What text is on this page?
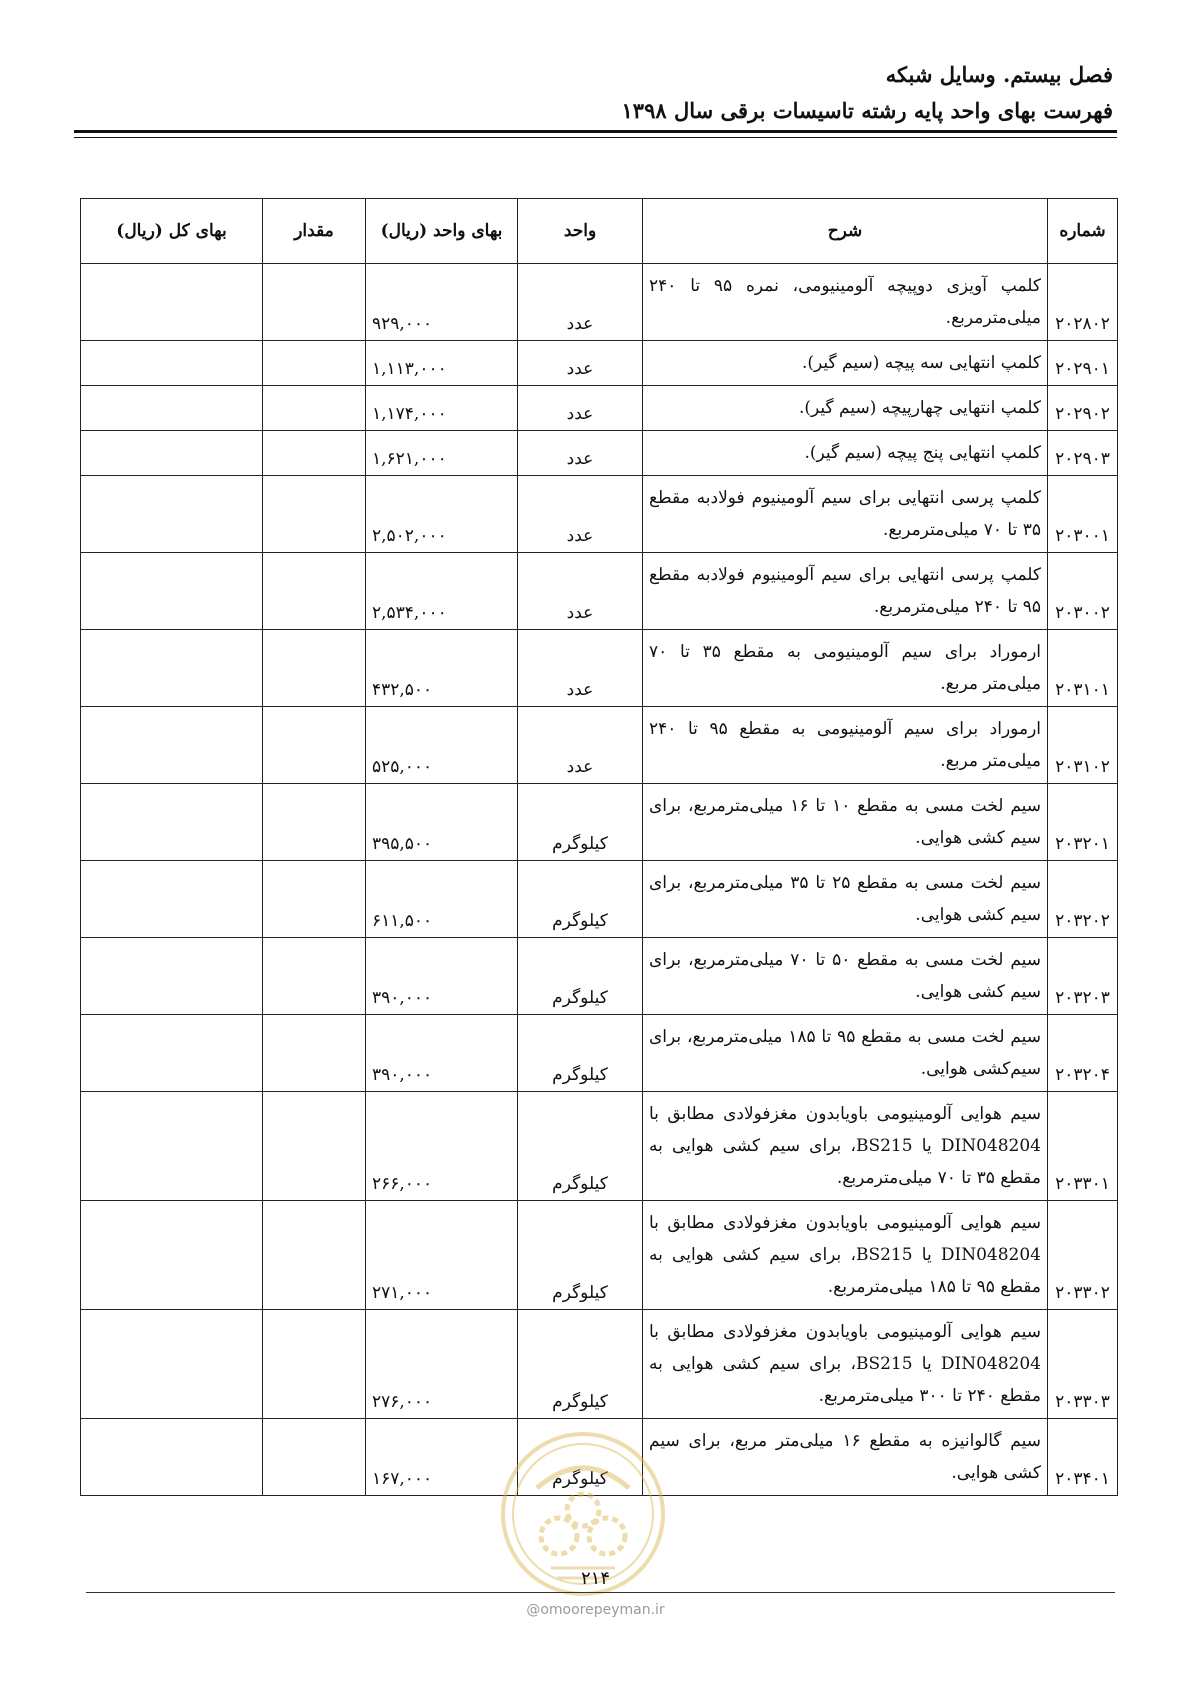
فصل بیستم. وسایل شبکه
فهرست بهای واحد پایه رشته تاسیسات برقی سال ۱۳۹۸
شماره	شرح	واحد	بهای واحد (ریال)	مقدار	بهای کل (ریال)
۲۰۲۸۰۲	کلمپ آویزی دوپیچه آلومینیومی، نمره ۹۵ تا ۲۴۰ میلی‌مترمربع.	عدد	۹۲۹,۰۰۰		
۲۰۲۹۰۱	کلمپ انتهایی سه پیچه (سیم گیر).	عدد	۱,۱۱۳,۰۰۰		
۲۰۲۹۰۲	کلمپ انتهایی چهارپیچه (سیم گیر).	عدد	۱,۱۷۴,۰۰۰		
۲۰۲۹۰۳	کلمپ انتهایی پنج پیچه (سیم گیر).	عدد	۱,۶۲۱,۰۰۰		
۲۰۳۰۰۱	کلمپ پرسی انتهایی برای سیم آلومینیوم فولادبه مقطع ۳۵ تا ۷۰ میلی‌مترمربع.	عدد	۲,۵۰۲,۰۰۰		
۲۰۳۰۰۲	کلمپ پرسی انتهایی برای سیم آلومینیوم فولادبه مقطع ۹۵ تا ۲۴۰ میلی‌مترمربع.	عدد	۲,۵۳۴,۰۰۰		
۲۰۳۱۰۱	ارموراد برای سیم آلومینیومی به مقطع ۳۵ تا ۷۰ میلی‌متر مربع.	عدد	۴۳۲,۵۰۰		
۲۰۳۱۰۲	ارموراد برای سیم آلومینیومی به مقطع ۹۵ تا ۲۴۰ میلی‌متر مربع.	عدد	۵۲۵,۰۰۰		
۲۰۳۲۰۱	سیم لخت مسی به مقطع ۱۰ تا ۱۶ میلی‌مترمربع، برای سیم کشی هوایی.	کیلوگرم	۳۹۵,۵۰۰		
۲۰۳۲۰۲	سیم لخت مسی به مقطع ۲۵ تا ۳۵ میلی‌مترمربع، برای سیم کشی هوایی.	کیلوگرم	۶۱۱,۵۰۰		
۲۰۳۲۰۳	سیم لخت مسی به مقطع ۵۰ تا ۷۰ میلی‌مترمربع، برای سیم کشی هوایی.	کیلوگرم	۳۹۰,۰۰۰		
۲۰۳۲۰۴	سیم لخت مسی به مقطع ۹۵ تا ۱۸۵ میلی‌مترمربع، برای سیم‌کشی هوایی.	کیلوگرم	۳۹۰,۰۰۰		
۲۰۳۳۰۱	سیم هوایی آلومینیومی باویابدون مغزفولادی مطابق با DIN048204 یا BS215، برای سیم کشی هوایی به مقطع ۳۵ تا ۷۰ میلی‌مترمربع.	کیلوگرم	۲۶۶,۰۰۰		
۲۰۳۳۰۲	سیم هوایی آلومینیومی باویابدون مغزفولادی مطابق با DIN048204 یا BS215، برای سیم کشی هوایی به مقطع ۹۵ تا ۱۸۵ میلی‌مترمربع.	کیلوگرم	۲۷۱,۰۰۰		
۲۰۳۳۰۳	سیم هوایی آلومینیومی باویابدون مغزفولادی مطابق با DIN048204 یا BS215، برای سیم کشی هوایی به مقطع ۲۴۰ تا ۳۰۰ میلی‌مترمربع.	کیلوگرم	۲۷۶,۰۰۰		
۲۰۳۴۰۱	سیم گالوانیزه به مقطع ۱۶ میلی‌متر مربع، برای سیم کشی هوایی.	کیلوگرم	۱۶۷,۰۰۰		
۲۱۴
@omoorepeyman.ir
